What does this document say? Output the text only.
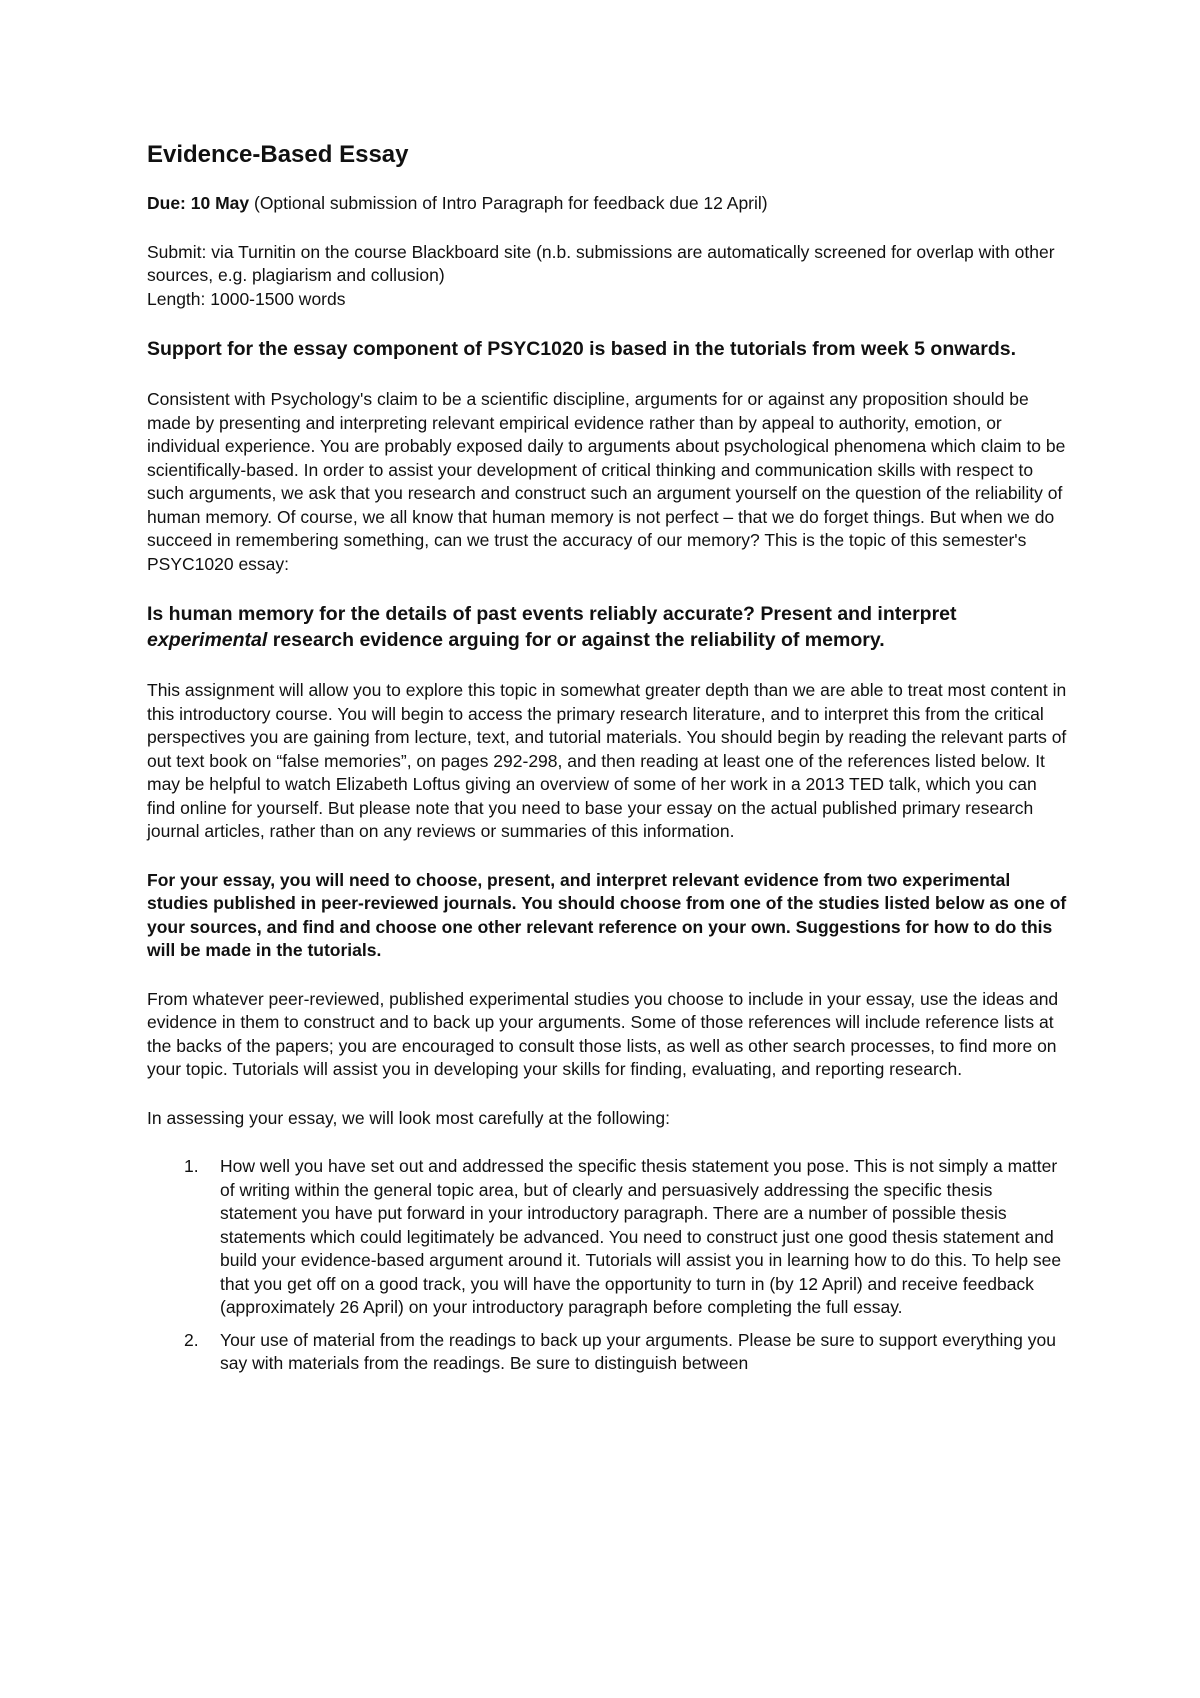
Evidence-Based Essay
Due: 10 May (Optional submission of Intro Paragraph for feedback due 12 April)
Submit: via Turnitin on the course Blackboard site (n.b. submissions are automatically screened for overlap with other sources, e.g. plagiarism and collusion)
Length: 1000-1500 words
Support for the essay component of PSYC1020 is based in the tutorials from week 5 onwards.
Consistent with Psychology's claim to be a scientific discipline, arguments for or against any proposition should be made by presenting and interpreting relevant empirical evidence rather than by appeal to authority, emotion, or individual experience. You are probably exposed daily to arguments about psychological phenomena which claim to be scientifically-based. In order to assist your development of critical thinking and communication skills with respect to such arguments, we ask that you research and construct such an argument yourself on the question of the reliability of human memory. Of course, we all know that human memory is not perfect – that we do forget things. But when we do succeed in remembering something, can we trust the accuracy of our memory? This is the topic of this semester's PSYC1020 essay:
Is human memory for the details of past events reliably accurate? Present and interpret experimental research evidence arguing for or against the reliability of memory.
This assignment will allow you to explore this topic in somewhat greater depth than we are able to treat most content in this introductory course. You will begin to access the primary research literature, and to interpret this from the critical perspectives you are gaining from lecture, text, and tutorial materials. You should begin by reading the relevant parts of out text book on “false memories”, on pages 292-298, and then reading at least one of the references listed below. It may be helpful to watch Elizabeth Loftus giving an overview of some of her work in a 2013 TED talk, which you can find online for yourself. But please note that you need to base your essay on the actual published primary research journal articles, rather than on any reviews or summaries of this information.
For your essay, you will need to choose, present, and interpret relevant evidence from two experimental studies published in peer-reviewed journals. You should choose from one of the studies listed below as one of your sources, and find and choose one other relevant reference on your own. Suggestions for how to do this will be made in the tutorials.
From whatever peer-reviewed, published experimental studies you choose to include in your essay, use the ideas and evidence in them to construct and to back up your arguments. Some of those references will include reference lists at the backs of the papers; you are encouraged to consult those lists, as well as other search processes, to find more on your topic. Tutorials will assist you in developing your skills for finding, evaluating, and reporting research.
In assessing your essay, we will look most carefully at the following:
1. How well you have set out and addressed the specific thesis statement you pose. This is not simply a matter of writing within the general topic area, but of clearly and persuasively addressing the specific thesis statement you have put forward in your introductory paragraph. There are a number of possible thesis statements which could legitimately be advanced. You need to construct just one good thesis statement and build your evidence-based argument around it. Tutorials will assist you in learning how to do this. To help see that you get off on a good track, you will have the opportunity to turn in (by 12 April) and receive feedback (approximately 26 April) on your introductory paragraph before completing the full essay.
2. Your use of material from the readings to back up your arguments. Please be sure to support everything you say with materials from the readings. Be sure to distinguish between
